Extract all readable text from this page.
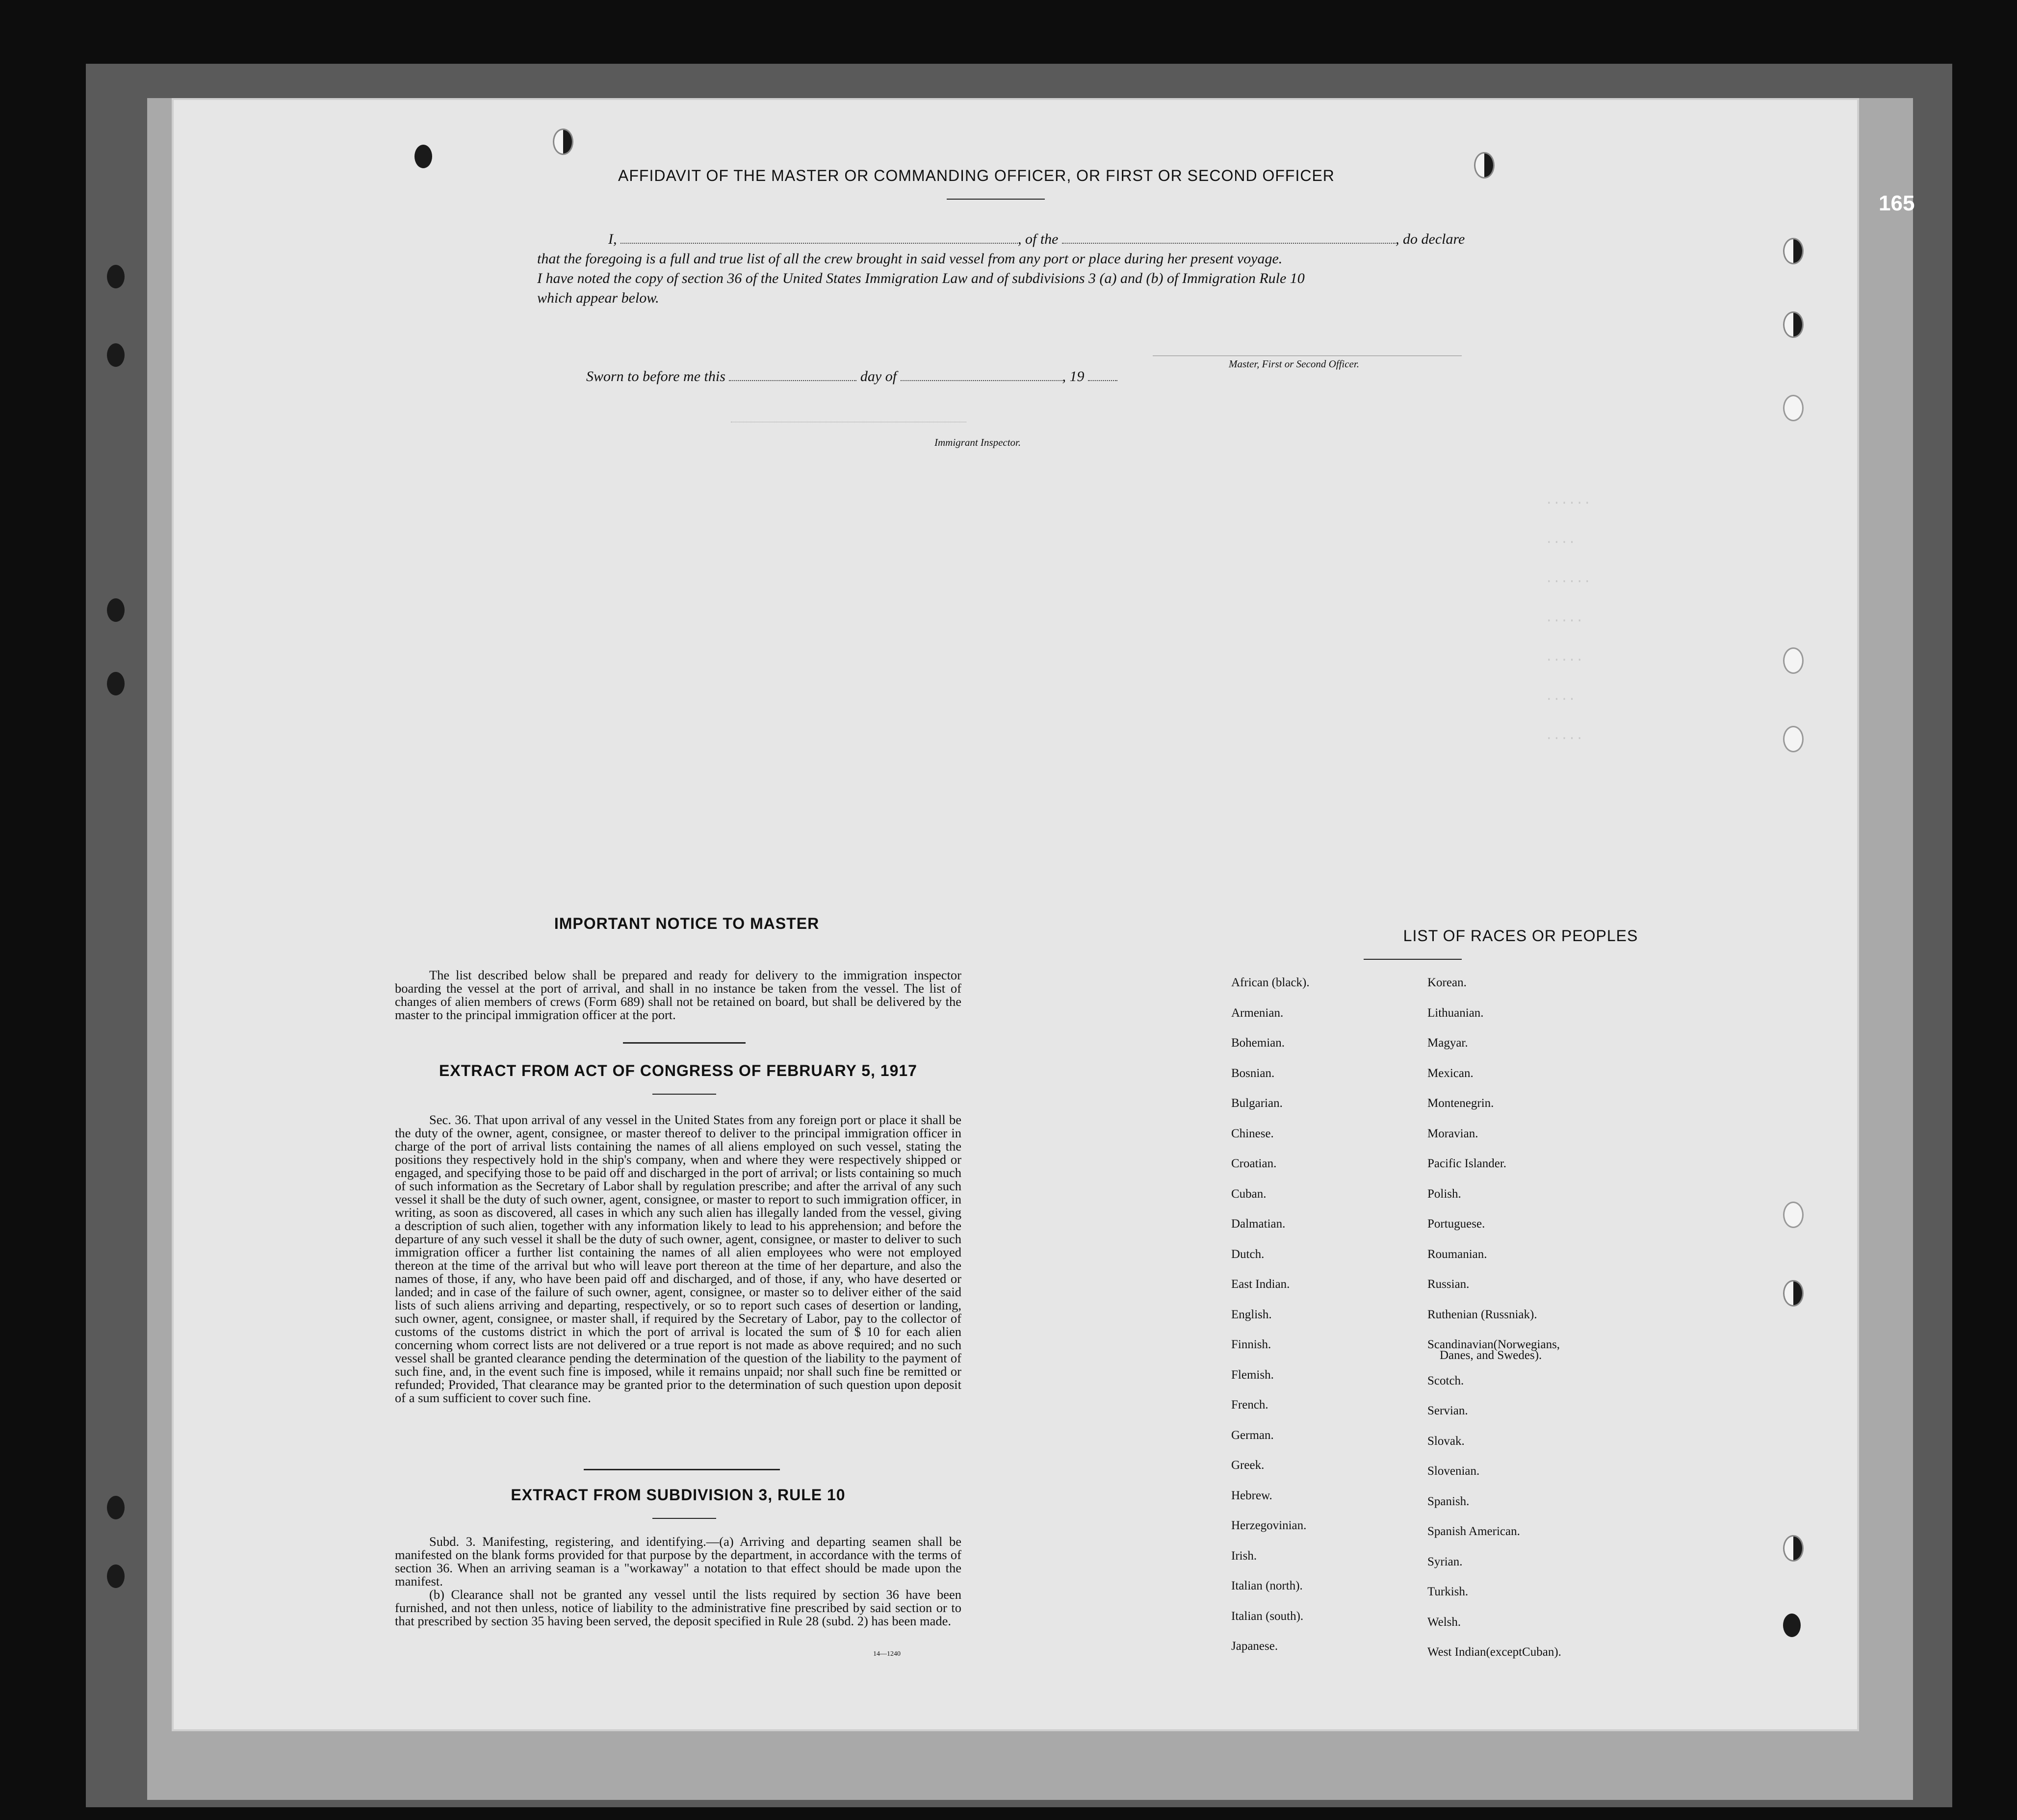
165
AFFIDAVIT OF THE MASTER OR COMMANDING OFFICER, OR FIRST OR SECOND OFFICER
I,	, of the	, do declare
that the foregoing is a full and true list of all the crew brought in said vessel from any port or place during her present voyage.
I have noted the copy of section 36 of the United States Immigration Law and of subdivisions 3 (a) and (b) of Immigration Rule 10
which appear below.
Master, First or Second Officer.
Sworn to before me this	day of	, 19
Immigrant Inspector.
......
....
......
.....
.....
....
.....
IMPORTANT NOTICE TO MASTER

The list described below shall be prepared and ready for delivery to the immigration inspector boarding the vessel at the port of arrival, and shall in no instance be taken from the vessel. The list of changes of alien members of crews (Form 689) shall not be retained on board, but shall be delivered by the master to the principal immigration officer at the port.

EXTRACT FROM ACT OF CONGRESS OF FEBRUARY 5, 1917

Sec. 36. That upon arrival of any vessel in the United States from any foreign port or place it shall be the duty of the owner, agent, consignee, or master thereof to deliver to the principal immigration officer in charge of the port of arrival lists containing the names of all aliens employed on such vessel, stating the positions they respectively hold in the ship's company, when and where they were respectively shipped or engaged, and specifying those to be paid off and discharged in the port of arrival; or lists containing so much of such information as the Secretary of Labor shall by regulation prescribe; and after the arrival of any such vessel it shall be the duty of such owner, agent, consignee, or master to report to such immigration officer, in writing, as soon as discovered, all cases in which any such alien has illegally landed from the vessel, giving a description of such alien, together with any information likely to lead to his apprehension; and before the departure of any such vessel it shall be the duty of such owner, agent, consignee, or master to deliver to such immigration officer a further list containing the names of all alien employees who were not employed thereon at the time of the arrival but who will leave port thereon at the time of her departure, and also the names of those, if any, who have been paid off and discharged, and of those, if any, who have deserted or landed; and in case of the failure of such owner, agent, consignee, or master so to deliver either of the said lists of such aliens arriving and departing, respectively, or so to report such cases of desertion or landing, such owner, agent, consignee, or master shall, if required by the Secretary of Labor, pay to the collector of customs of the customs district in which the port of arrival is located the sum of $ 10 for each alien concerning whom correct lists are not delivered or a true report is not made as above required; and no such vessel shall be granted clearance pending the determination of the question of the liability to the payment of such fine, and, in the event such fine is imposed, while it remains unpaid; nor shall such fine be remitted or refunded; Provided, That clearance may be granted prior to the determination of such question upon deposit of a sum sufficient to cover such fine.

EXTRACT FROM SUBDIVISION 3, RULE 10

Subd. 3. Manifesting, registering, and identifying.—(a) Arriving and departing seamen shall be manifested on the blank forms provided for that purpose by the department, in accordance with the terms of section 36. When an arriving seaman is a "workaway" a notation to that effect should be made upon the manifest.

(b) Clearance shall not be granted any vessel until the lists required by section 36 have been furnished, and not then unless, notice of liability to the administrative fine prescribed by said section or to that prescribed by section 35 having been served, the deposit specified in Rule 28 (subd. 2) has been made.

14—1240
LIST OF RACES OR PEOPLES
African (black).
Armenian.
Bohemian.
Bosnian.
Bulgarian.
Chinese.
Croatian.
Cuban.
Dalmatian.
Dutch.
East Indian.
English.
Finnish.
Flemish.
French.
German.
Greek.
Hebrew.
Herzegovinian.
Irish.
Italian (north).
Italian (south).
Japanese.
Korean.
Lithuanian.
Magyar.
Mexican.
Montenegrin.
Moravian.
Pacific Islander.
Polish.
Portuguese.
Roumanian.
Russian.
Ruthenian (Russniak).
Scandinavian(Norwegians,
Scotch.
Servian.
Slovak.
Slovenian.
Spanish.
Spanish American.
Syrian.
Turkish.
Welsh.
West Indian(exceptCuban).
Danes, and Swedes).
